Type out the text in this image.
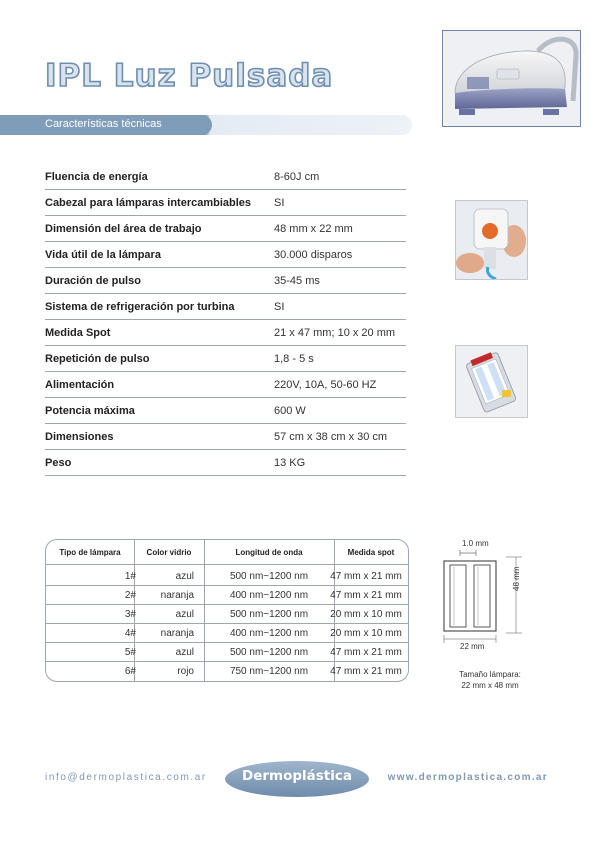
IPL Luz Pulsada
Características técnicas
Fluencia de energía	8-60J cm
Cabezal para lámparas intercambiables SI
Dimensión del área de trabajo	48 mm x 22 mm
Vida útil de la lámpara	30.000 disparos
Duración de pulso	35-45 ms
Sistema de refrigeración por turbina	SI
Medida Spot	21 x 47 mm; 10 x 20 mm
Repetición de pulso	1,8 - 5 s
Alimentación	220V, 10A, 50-60 HZ
Potencia máxima	600 W
Dimensiones	57 cm x 38 cm x 30 cm
Peso	13 KG
Tipo de lámpara	Color vidrio	Longitud de onda	Medida spot
1#	azul	500 nm~1200 nm	47 mm x 21 mm
2#	naranja	400 nm~1200 nm	47 mm x 21 mm
3#	azul	500 nm~1200 nm	20 mm x 10 mm
4#	naranja	400 nm~1200 nm	20 mm x 10 mm
5#	azul	500 nm~1200 nm	47 mm x 21 mm
6#	rojo	750 nm~1200 nm	47 mm x 21 mm
1.0 mm
48 mm
22 mm
Tamaño lámpara:
22 mm x 48 mm
info@dermoplastica.com.ar	Dermoplástica	www.dermoplastica.com.ar
